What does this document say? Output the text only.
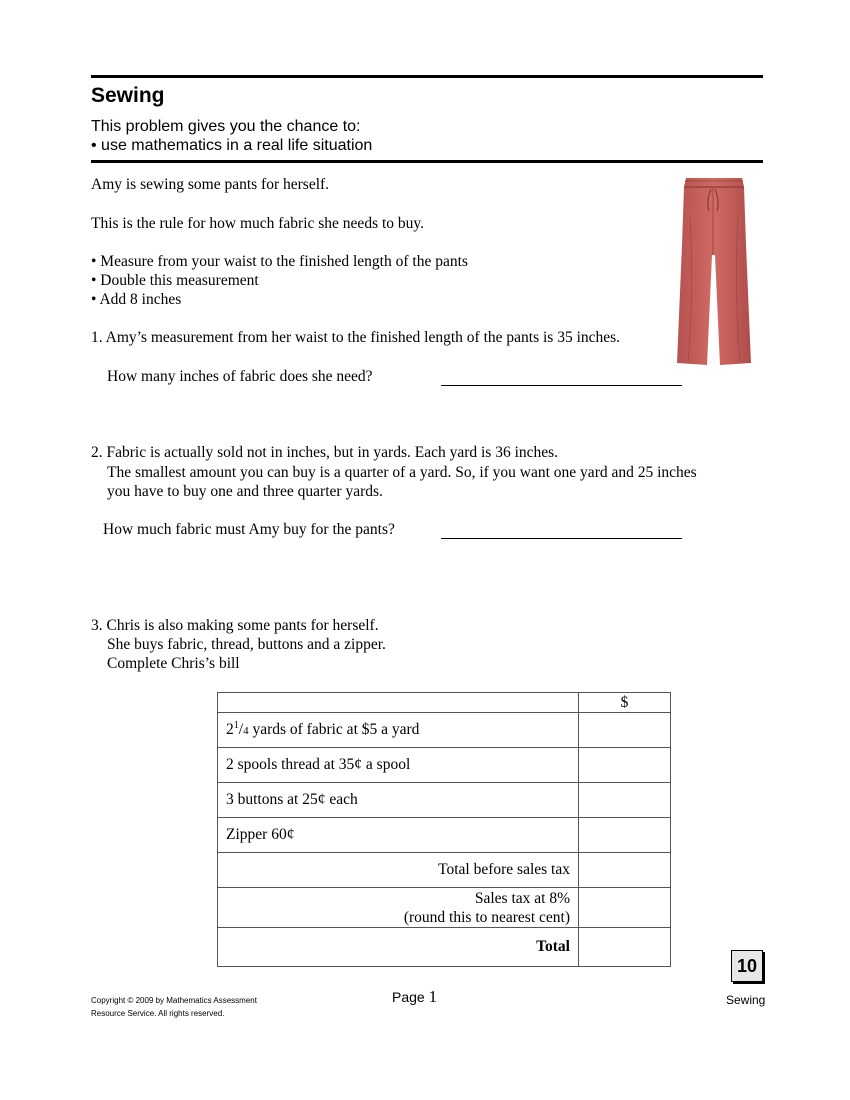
Sewing
This problem gives you the chance to:
• use mathematics in a real life situation
Amy is sewing some pants for herself.
This is the rule for how much fabric she needs to buy.
• Measure from your waist to the finished length of the pants
• Double this measurement
• Add 8 inches
1. Amy’s measurement from her waist to the finished length of the pants is 35 inches.
How many inches of fabric does she need?
2. Fabric is actually sold not in inches, but in yards. Each yard is 36 inches.
The smallest amount you can buy is a quarter of a yard. So, if you want one yard and 25 inches
you have to buy one and three quarter yards.
How much fabric must Amy buy for the pants?
3. Chris is also making some pants for herself.
She buys fabric, thread, buttons and a zipper.
Complete Chris’s bill
	$
$2^1/4$ yards of fabric at $5 a yard	
2 spools thread at 35¢ a spool	
3 buttons at 25¢ each	
Zipper 60¢	
Total before sales tax	

Sales tax at 8%
(round this to nearest cent)	

Total	
10
Copyright © 2009 by Mathematics Assessment
Resource Service. All rights reserved.
Page 1	Sewing
